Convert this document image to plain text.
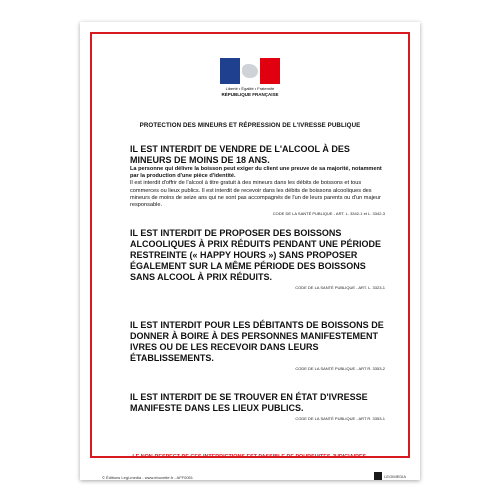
Liberté • Égalité • Fraternité
RÉPUBLIQUE FRANÇAISE
PROTECTION DES MINEURS ET RÉPRESSION DE L'IVRESSE PUBLIQUE

IL EST INTERDIT DE VENDRE DE L'ALCOOL À DES MINEURS DE MOINS DE 18 ANS.

La personne qui délivre la boisson peut exiger du client une preuve de sa majorité, notamment par la production d'une pièce d'identité.

Il est interdit d'offrir de l'alcool à titre gratuit à des mineurs dans les débits de boissons et tous commerces ou lieux publics. Il est interdit de recevoir dans les débits de boissons alcooliques des mineurs de moins de seize ans qui ne sont pas accompagnés de l'un de leurs parents ou d'un majeur responsable.

CODE DE LA SANTÉ PUBLIQUE - ART. L. 3342-1 et L. 3342-3

IL EST INTERDIT DE PROPOSER DES BOISSONS ALCOOLIQUES À PRIX RÉDUITS PENDANT UNE PÉRIODE RESTREINTE (« HAPPY HOURS ») SANS PROPOSER ÉGALEMENT SUR LA MÊME PÉRIODE DES BOISSONS SANS ALCOOL À PRIX RÉDUITS.

CODE DE LA SANTÉ PUBLIQUE - ART. L. 3323-1

IL EST INTERDIT POUR LES DÉBITANTS DE BOISSONS DE DONNER À BOIRE À DES PERSONNES MANIFESTEMENT IVRES OU DE LES RECEVOIR DANS LEURS ÉTABLISSEMENTS.

CODE DE LA SANTÉ PUBLIQUE - ART R. 3353-2

IL EST INTERDIT DE SE TROUVER EN ÉTAT D'IVRESSE MANIFESTE DANS LES LIEUX PUBLICS.

CODE DE LA SANTÉ PUBLIQUE - ART R. 3353-1
LE NON-RESPECT DE CES INTERDICTIONS EST PASSIBLE DE POURSUITES JUDICIAIRES.
© Éditions Legi-media - www.ebuvette.fr - AFF0051	LEGIMEDIA
